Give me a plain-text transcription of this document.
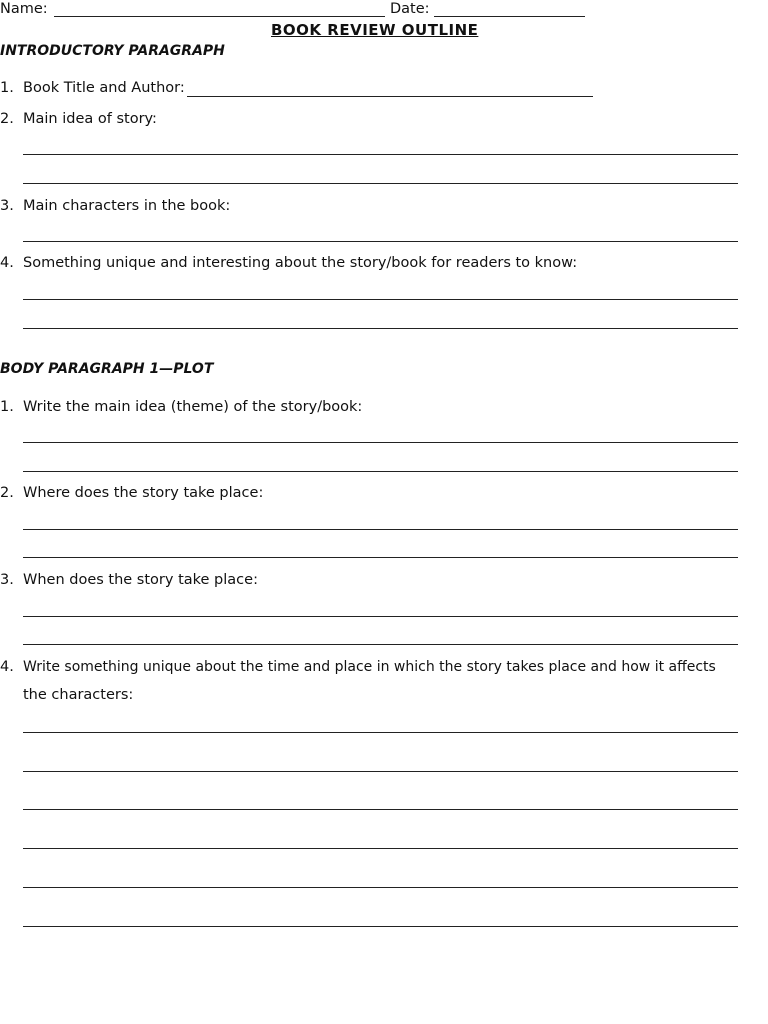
Name:	Date:
BOOK REVIEW OUTLINE
INTRODUCTORY PARAGRAPH
1. Book Title and Author:
2. Main idea of story:
3. Main characters in the book:
4. Something unique and interesting about the story/book for readers to know:
BODY PARAGRAPH 1—PLOT
1. Write the main idea (theme) of the story/book:
2. Where does the story take place:
3. When does the story take place:
4. Write something unique about the time and place in which the story takes place and how it affects
the characters:
